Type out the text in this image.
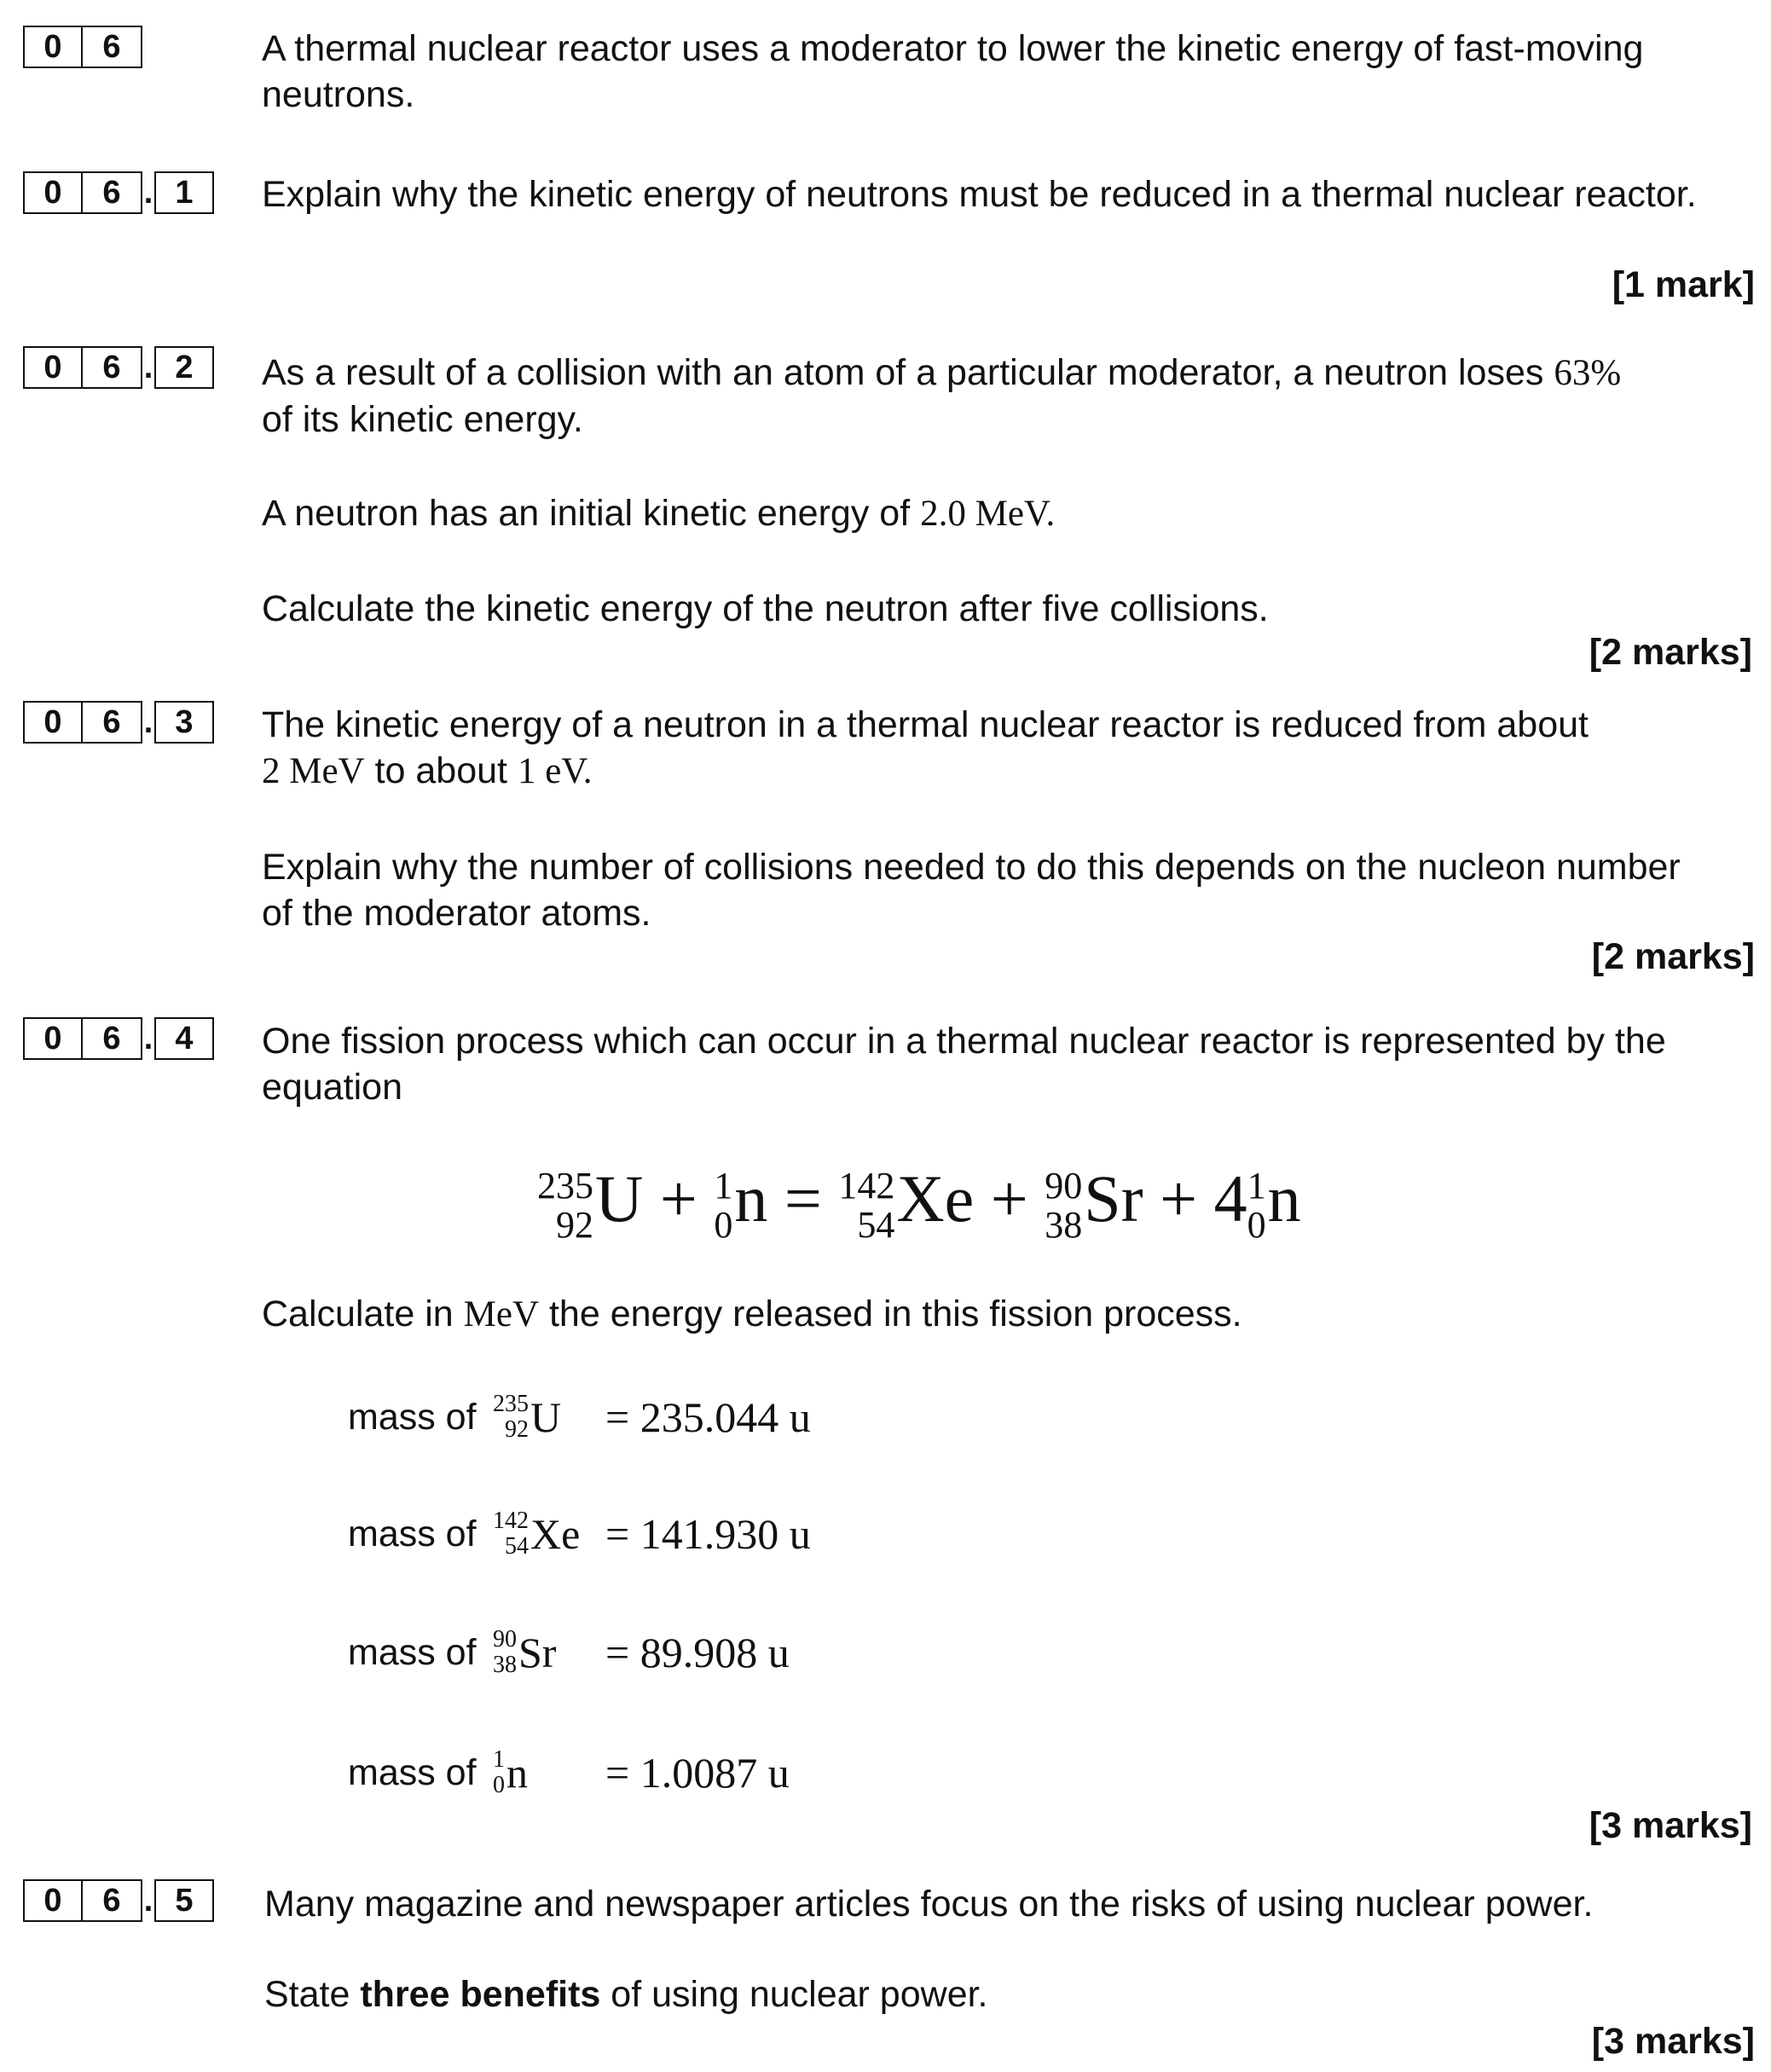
0	6	A thermal nuclear reactor uses a moderator to lower the kinetic energy of fast-moving neutrons.
0	6 . 1	Explain why the kinetic energy of neutrons must be reduced in a thermal nuclear reactor.
[1 mark]
0	6 . 2	As a result of a collision with an atom of a particular moderator, a neutron loses 63%
of its kinetic energy.
A neutron has an initial kinetic energy of 2.0 MeV.
Calculate the kinetic energy of the neutron after five collisions.
[2 marks]
0	6 . 3	The kinetic energy of a neutron in a thermal nuclear reactor is reduced from about
2 MeV to about 1 eV.
Explain why the number of collisions needed to do this depends on the nucleon number of the moderator atoms.
[2 marks]
0	6 . 4	One fission process which can occur in a thermal nuclear reactor is represented by the equation
235
92 U + 1
0 n = 142
54 Xe + 90
38 Sr + 4 1
0 n
Calculate in MeV the energy released in this fission process.
mass of 235
92 U = 235.044 u
mass of 142
54 Xe = 141.930 u
mass of 90
38 Sr = 89.908 u
mass of 1
0 n = 1.0087 u
[3 marks]
0	6 . 5	Many magazine and newspaper articles focus on the risks of using nuclear power.
State three benefits of using nuclear power.
[3 marks]
